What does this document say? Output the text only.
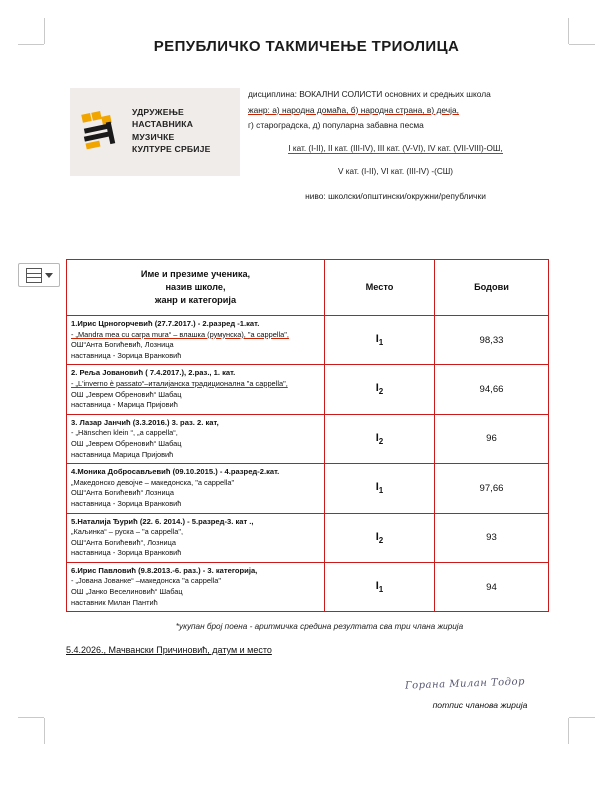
РЕПУБЛИЧКО ТАКМИЧЕЊЕ ТРИОЛИЦА
УДРУЖЕЊЕ
НАСТАВНИКА
МУЗИЧКЕ
КУЛТУРЕ СРБИЈЕ
дисциплина: ВОКАЛНИ СОЛИСТИ основних и средњих школа
жанр: а) народна домаћа, б) народна страна, в) дечја,
г) староградска, д) популарна забавна песма
I кат. (I-II), II кат. (III-IV), III кат. (V-VI), IV кат. (VII-VIII)-ОШ,
V кат. (I-II), VI кат. (III-IV) -(СШ)
ниво: школски/општински/окружни/републички
Име и презиме ученика,
назив школе,
жанр и категорија	Место	Бодови

1.Ирис Црногорчевић (27.7.2017.) - 2.разред -1.кат.
- „Mandra mea cu carpa mura“ – влашка (румунска), "a cappella",
ОШ“Анта Богићевић, Лозница
наставница - Зорица Вранковић	$I_1$	98,33

2. Рељa Јовановић ( 7.4.2017.), 2.раз., 1. кат.
- „L'inverno è passato“–италијанска традиционална "a cappella",
ОШ „Јеврем Обреновић“ Шабац
наставница - Марица Пријовић	$I_2$	94,66

3. Лазар Јанчић (3.3.2016.) 3. раз. 2. кат,
- „Hänschen klein “, „a cappella“,
ОШ „Јеврем Обреновић“ Шабац
наставница Марица Пријовић	$I_2$	96

4.Моника Добросављевић (09.10.2015.) - 4.разред-2.кат.
„Македонско девојче – македонска, "a cappella"
ОШ“Анта Богићевић“ Лозница
наставница - Зорица Вранковић	$I_1$	97,66

5.Наталија Ђурић (22. 6. 2014.) - 5.разред-3. кат .,
„Каљинка“ – руска – "a cappella",
ОШ“Анта Богићевић“, Лозница
наставница - Зорица Вранковић	$I_2$	93

6.Ирис Павловић (9.8.2013.-6. раз.) - 3. категорија,
- „Јована Јованке“ –македонска "a cappella"
ОШ „Јанко Веселиновић“ Шабац
наставник Милан Пантић	$I_1$	94
*укупан број поена - аритмичка средина резултата сва три члана жирија
5.4.2026., Мачвански Причиновић, датум и место
Горана Милан Тодор
потпис чланова жирија
